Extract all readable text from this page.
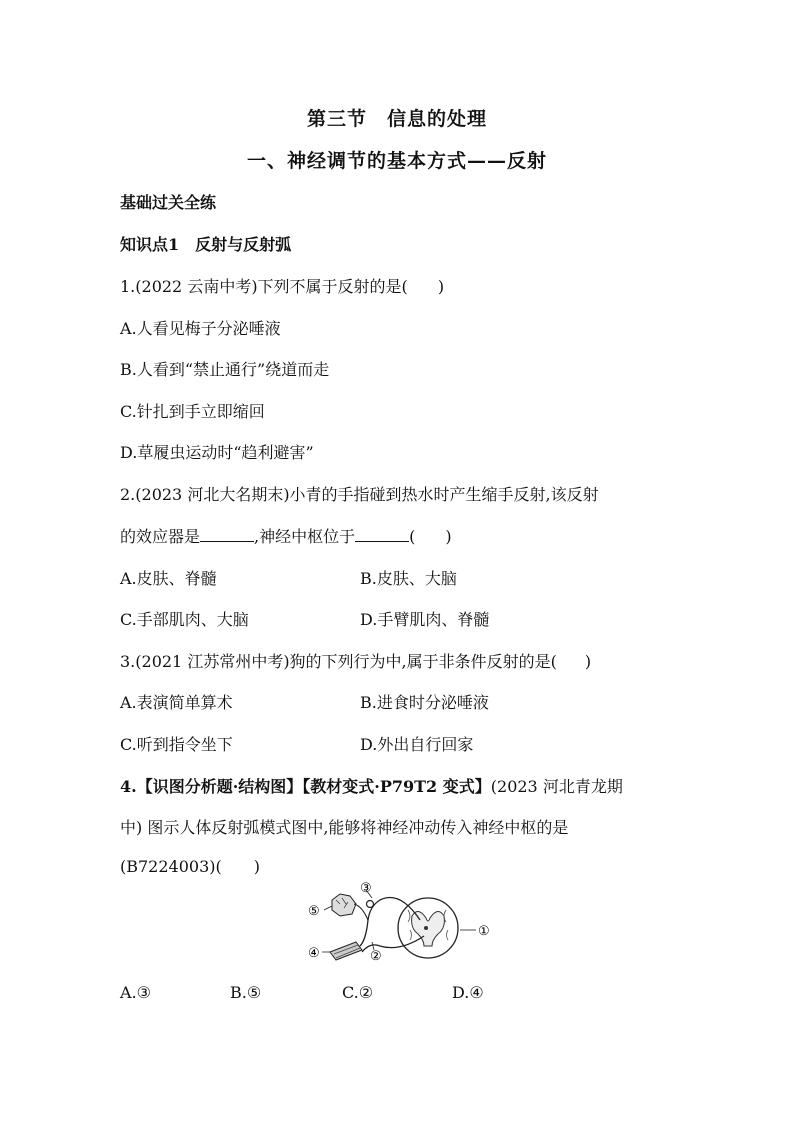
第三节 信息的处理
一、神经调节的基本方式——反射
基础过关全练
知识点1　反射与反射弧
1.(2022 云南中考)下列不属于反射的是( )
A.人看见梅子分泌唾液
B.人看到“禁止通行”绕道而走
C.针扎到手立即缩回
D.草履虫运动时“趋利避害”
2.(2023 河北大名期末)小青的手指碰到热水时产生缩手反射,该反射
的效应器是	,神经中枢位于	( )
A.皮肤、脊髓	B.皮肤、大脑
C.手部肌肉、大脑	D.手臂肌肉、脊髓
3.(2021 江苏常州中考)狗的下列行为中,属于非条件反射的是( )
A.表演简单算术	B.进食时分泌唾液
C.听到指令坐下	D.外出自行回家
4.【识图分析题·结构图】【教材变式·P79T2 变式】(2023 河北青龙期
中) 图示人体反射弧模式图中,能够将神经冲动传入神经中枢的是
(B7224003)( )
①
②
③
④
⑤
A.③	B.⑤	C.②	D.④
